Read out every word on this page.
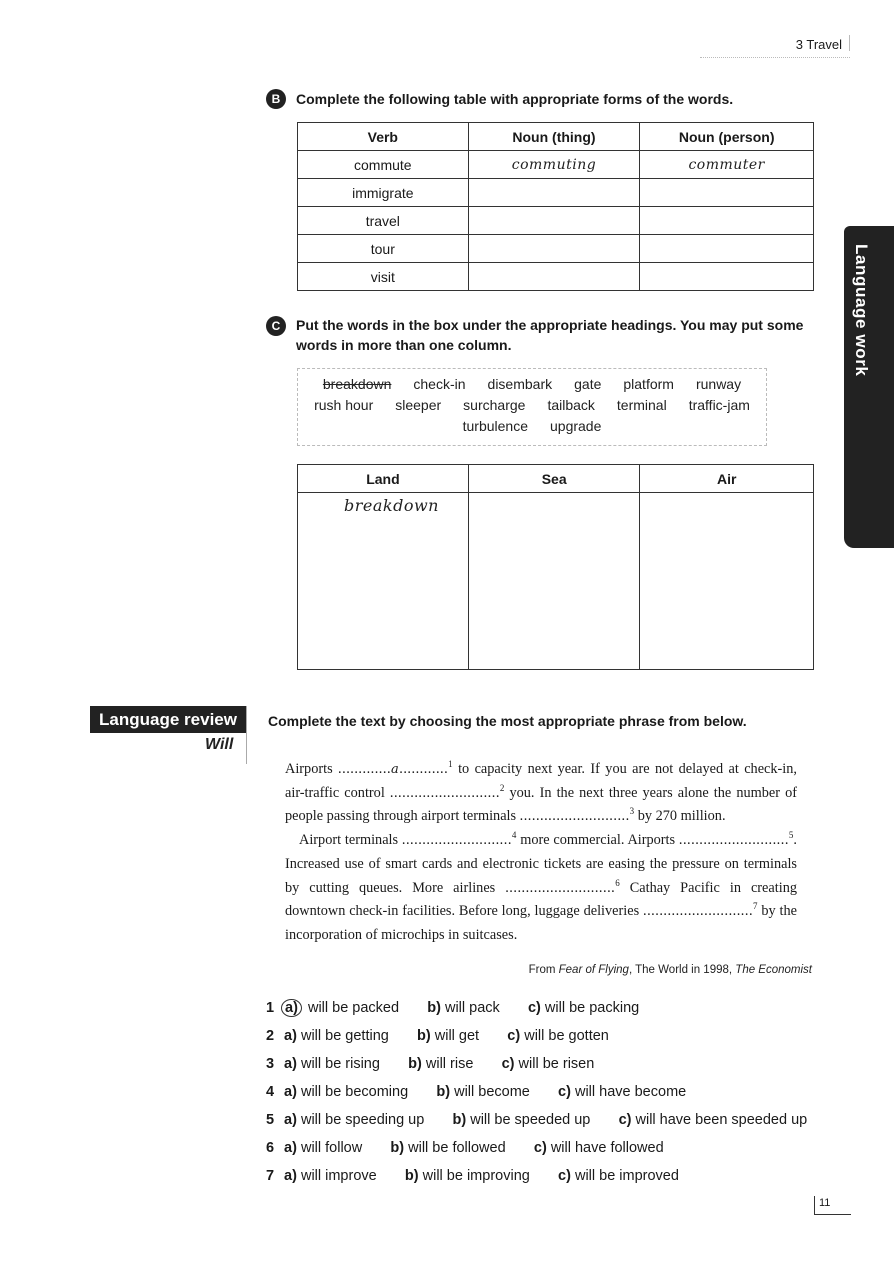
3 Travel
Language work
B Complete the following table with appropriate forms of the words.
Verb	Noun (thing)	Noun (person)
commute	commuting	commuter
immigrate		
travel		
tour		
visit		
C Put the words in the box under the appropriate headings. You may put some
words in more than one column.
breakdown check-in disembark gate platform runway
rush hour sleeper surcharge tailback terminal traffic-jam
turbulence upgrade
Land	Sea	Air

breakdown		

Language review
Will
Complete the text by choosing the most appropriate phrase from below.

Airports .............a............$^1$ to capacity next year. If you are not delayed at check-in, air-traffic control ...........................$^2$ you. In the next three years alone the number of people passing through airport terminals ...........................$^3$ by 270 million.

Airport terminals ...........................$^4$ more commercial. Airports ...........................$^5$. Increased use of smart cards and electronic tickets are easing the pressure on terminals by cutting queues. More airlines ...........................$^6$ Cathay Pacific in creating downtown check-in facilities. Before long, luggage deliveries ...........................$^7$ by the incorporation of microchips in suitcases.

From Fear of Flying, The World in 1998, The Economist
1 a) will be packed b) will pack c) will be packing
2 a) will be getting b) will get c) will be gotten
3 a) will be rising b) will rise c) will be risen
4 a) will be becoming b) will become c) will have become
5 a) will be speeding up b) will be speeded up c) will have been speeded up
6 a) will follow b) will be followed c) will have followed
7 a) will improve b) will be improving c) will be improved
11
